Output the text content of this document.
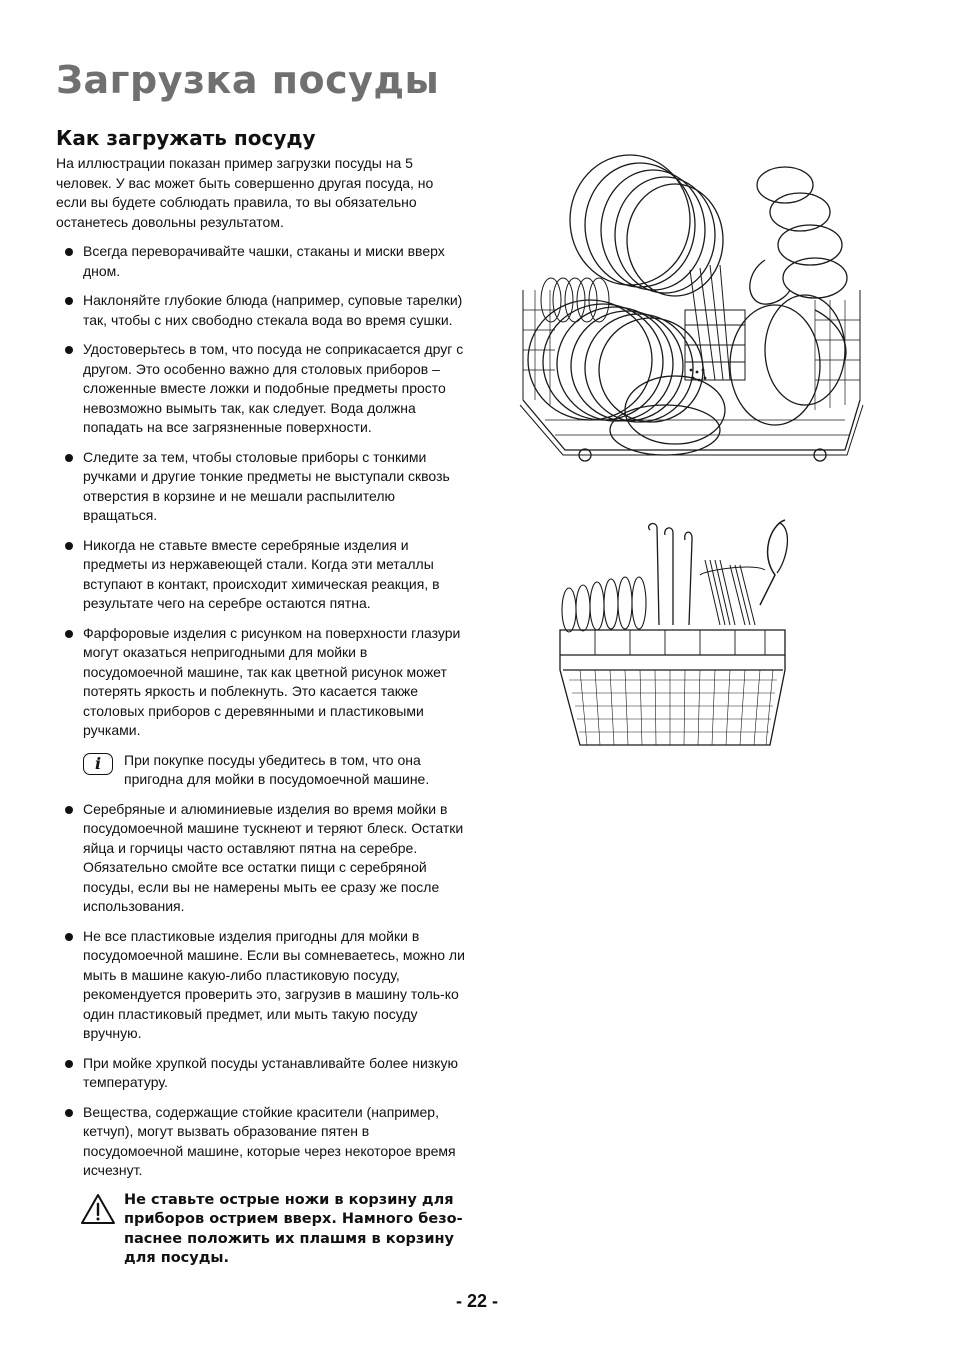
Загрузка посуды
Как загружать посуду

На иллюстрации показан пример загрузки посуды на 5 человек. У вас может быть совершенно другая посуда, но если вы будете соблюдать правила, то вы обязательно останетесь довольны результатом.

Всегда переворачивайте чашки, стаканы и миски вверх дном.
Наклоняйте глубокие блюда (например, суповые тарелки) так, чтобы с них свободно стекала вода во время сушки.
Удостоверьтесь в том, что посуда не соприкасается друг с другом. Это особенно важно для столовых приборов – сложенные вместе ложки и подобные предметы просто невозможно вымыть так, как следует. Вода должна попадать на все загрязненные поверхности.
Следите за тем, чтобы столовые приборы с тонкими ручками и другие тонкие предметы не выступали сквозь отверстия в корзине и не мешали распылителю вращаться.
Никогда не ставьте вместе серебряные изделия и предметы из нержавеющей стали. Когда эти металлы вступают в контакт, происходит химическая реакция, в результате чего на серебре остаются пятна.
Фарфоровые изделия с рисунком на поверхности глазури могут оказаться непригодными для мойки в посудомоечной машине, так как цветной рисунок может потерять яркость и поблекнуть. Это касается также столовых приборов с деревянными и пластиковыми ручками.
i	При покупке посуды убедитесь в том, что она пригодна для мойки в посудомоечной машине.
Серебряные и алюминиевые изделия во время мойки в посудомоечной машине тускнеют и теряют блеск. Остатки яйца и горчицы часто оставляют пятна на серебре. Обязательно смойте все остатки пищи с серебряной посуды, если вы не намерены мыть ее сразу же после использования.
Не все пластиковые изделия пригодны для мойки в посудомоечной машине. Если вы сомневаетесь, можно ли мыть в машине какую-либо пластиковую посуду, рекомендуется проверить это, загрузив в машину толь-ко один пластиковый предмет, или мыть такую посуду вручную.
При мойке хрупкой посуды устанавливайте более низкую температуру.
Вещества, содержащие стойкие красители (например, кетчуп), могут вызвать образование пятен в посудомоечной машине, которые через некоторое время исчезнут.
Не ставьте острые ножи в корзину для приборов острием вверх. Намного безо-паснее положить их плашмя в корзину для посуды.
- 22 -
